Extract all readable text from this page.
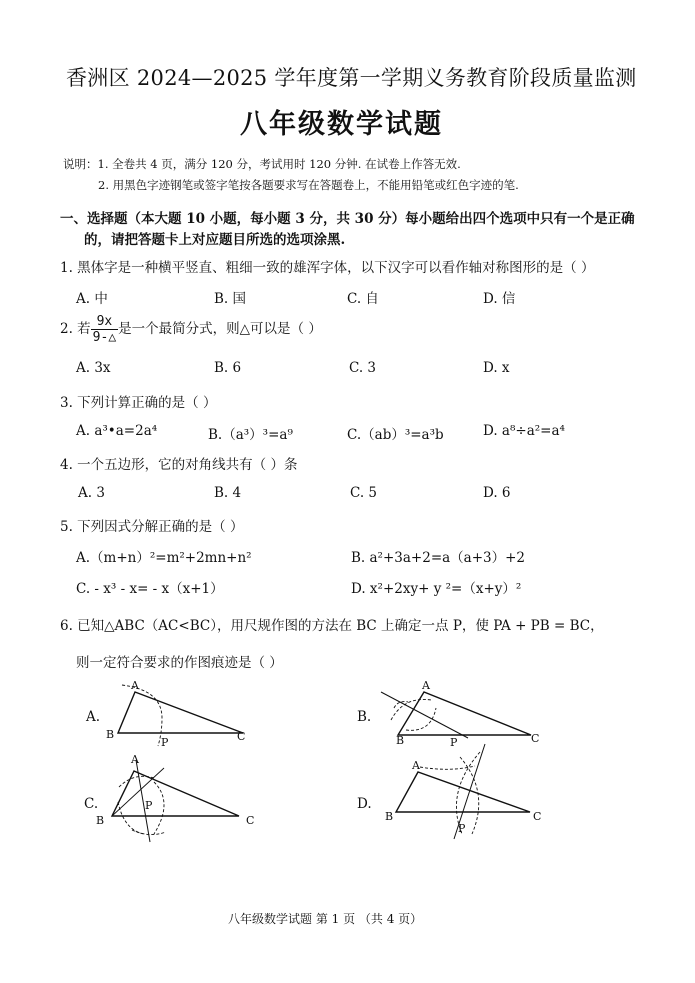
香洲区 2024—2025 学年度第一学期义务教育阶段质量监测
八年级数学试题
说明：1. 全卷共 4 页，满分 120 分，考试用时 120 分钟. 在试卷上作答无效.
2. 用黑色字迹钢笔或签字笔按各题要求写在答题卷上，不能用铅笔或红色字迹的笔.
一、选择题（本大题 10 小题，每小题 3 分，共 30 分）每小题给出四个选项中只有一个是正确
的，请把答题卡上对应题目所选的选项涂黑.
1. 黑体字是一种横平竖直、粗细一致的雄浑字体，以下汉字可以看作轴对称图形的是（ ）
A. 中	B. 国	C. 自	D. 信
2. 若 $\frac{9x}{9-\triangle}$ 是一个最简分式，则△可以是（ ）
A. 3x	B. 6	C. 3	D. x
3. 下列计算正确的是（ ）
A. a³•a=2a⁴	B.（a³）³=a⁹	C.（ab）³=a³b	D. a⁸÷a²=a⁴
4. 一个五边形，它的对角线共有（ ）条
A. 3	B. 4	C. 5	D. 6
5. 下列因式分解正确的是（ ）
A.（m+n）²=m²+2mn+n²	B. a²+3a+2=a（a+3）+2
C. - x³ - x= - x（x+1）	D. x²+2xy+ y ²=（x+y）²
6. 已知△ABC（AC<BC），用尺规作图的方法在 BC 上确定一点 P，使 PA + PB = BC，
则一定符合要求的作图痕迹是（ ）
A.
A
B	C
P
B.
A
B	C
P
C.
A
B	C
P	D.
A
B	C
P
八年级数学试题 第 1 页 （共 4 页）
